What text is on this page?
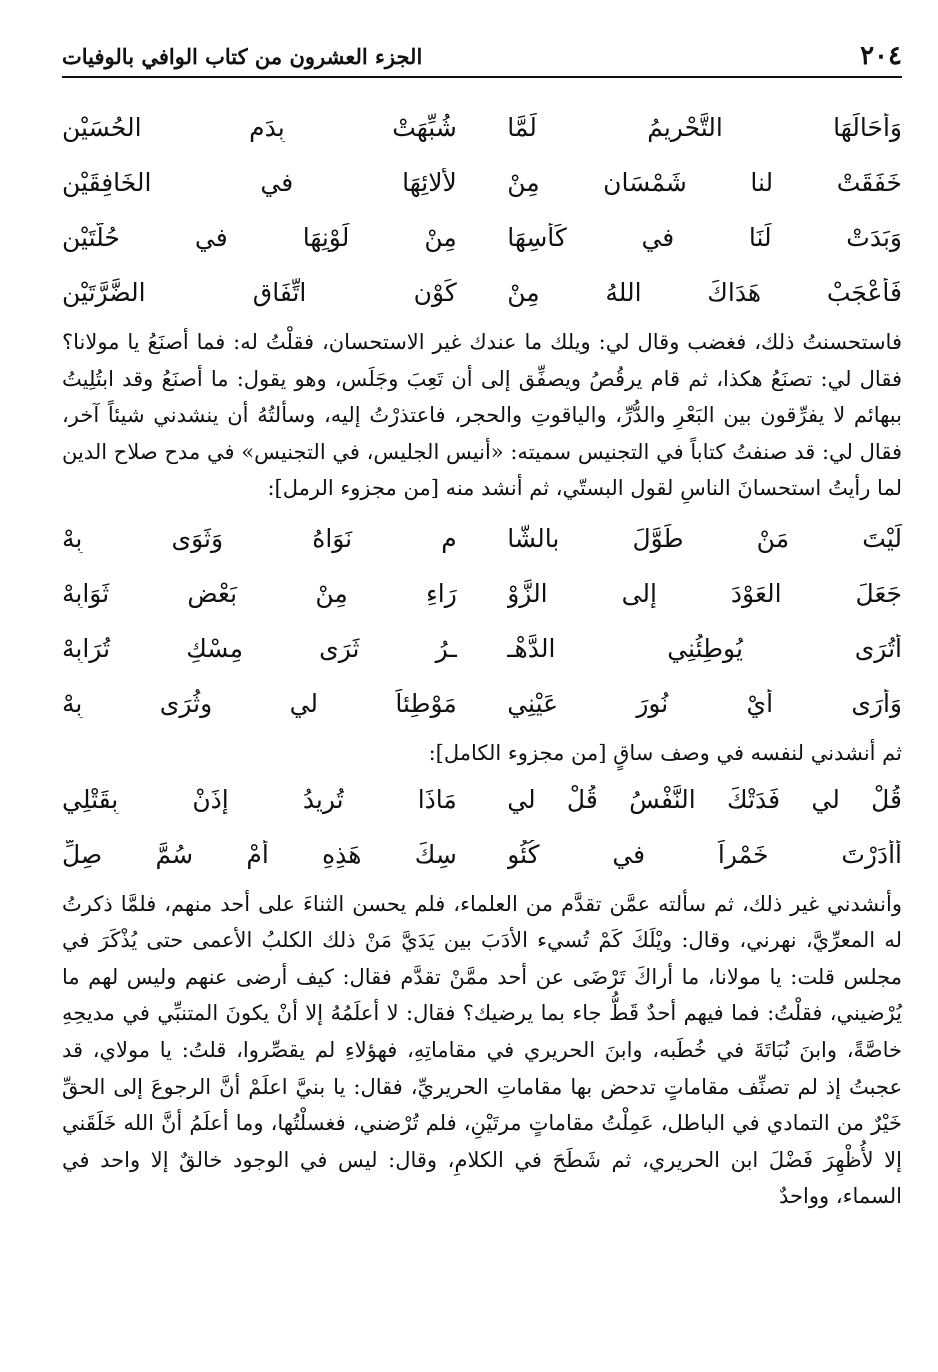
٢٠٤
الجزء العشرون من كتاب الوافي بالوفيات
وَأَحَالَهَا التَّحْرِيمُ لَمَّا
شُبِّهَتْ بِدَمِ الحُسَيْنِ
خَفَقَتْ لنا شَمْسَانِ مِنْ
لألائِهَا في الخَافِقَيْنِ
وَبَدَتْ لَنَا في كَأْسِهَا
مِنْ لَوْنِهَا في حُلَّتَيْنِ
فَأَعْجَبْ هَدَاكَ اللهُ مِنْ
كَوْنِ اتِّفَاقِ الضَّرَّتَيْنِ

فاستحسنتُ ذلك، فغضب وقال لي: ويلك ما عندك غير الاستحسان، فقلْتُ له: فما أصنَعُ يا مولانا؟ فقال لي: تصنَعُ هكذا، ثم قام يرقُصُ ويصفِّق إلى أن تَعِبَ وجَلَس، وهو يقول: ما أصنَعُ وقد ابتُلِيتُ ببهائم لا يفرِّقون بين البَعْرِ والدُّرِّ، والياقوتِ والحجر، فاعتذرْتُ إليه، وسألتُهُ أن ينشدني شيئاً آخر، فقال لي: قد صنفتُ كتاباً في التجنيس سميته: «أنيس الجليس، في التجنيس» في مدح صلاح الدين لما رأيتُ استحسانَ الناسِ لقول البستّي، ثم أنشد منه [من مجزوء الرمل]:

لَيْتَ مَنْ طَوَّلَ بالشَّا
مِ نَوَاهُ وَثَوَى بِهْ
جَعَلَ العَوْدَ إلى الزَّوْ
رَاءِ مِنْ بَعْضِ ثَوَابِهْ
أَتُرَى يُوطِئُنِي الدَّهْـ
ـرُ ثَرَى مِسْكِ تُرَابِهْ
وَأَرَى أَيْ نُورَ عَيْنِي
مَوْطِئاً لي وثُرَى بِهْ

ثم أنشدني لنفسه في وصف ساقٍ [من مجزوء الكامل]:

قُلْ لي فَدَتْكَ النَّفْسُ قُلْ لي
مَاذَا تُرِيدُ إذَنْ بِقَتْلِي
أأَدَرْتَ خَمْراً في كُئُو
سِكَ هَذِهِ أَمْ سُمَّ صِلِّ

وأنشدني غير ذلك، ثم سألته عمَّن تقدَّم من العلماء، فلم يحسن الثناءَ على أحد منهم، فلمَّا ذكرتُ له المعرِّيَّ، نهرني، وقال: ويْلَكَ كَمْ تُسيء الأدَبَ بين يَدَيَّ مَنْ ذلك الكلبُ الأعمى حتى يُذْكَرَ في مجلس قلت: يا مولانا، ما أراكَ تَرْضَى عن أحد ممَّنْ تقدَّم فقال: كيف أرضى عنهم وليس لهم ما يُرْضيني، فقلْتُ: فما فيهم أحدٌ قَطُّ جاء بما يرضيك؟ فقال: لا أعلَمُهُ إلا أنْ يكونَ المتنبِّي في مديحِهِ خاصَّةً، وابنَ نُبَاتَةَ في خُطَبه، وابنَ الحريري في مقاماتِهِ، فهؤلاءِ لم يقصِّروا، قلتُ: يا مولاي، قد عجبتُ إذ لم تصنِّف مقاماتٍ تدحض بها مقاماتِ الحريريِّ، فقال: يا بنيَّ اعلَمْ أنَّ الرجوعَ إلى الحقِّ خَيْرٌ من التمادي في الباطل، عَمِلْتُ مقاماتٍ مرتَيْنِ، فلم تُرْضني، فغسلْتُها، وما أعلَمُ أنَّ الله خَلَقَني إلا لأُظْهِرَ فَضْلَ ابن الحريري، ثم شَطَحَ في الكلامِ، وقال: ليس في الوجود خالقٌ إلا واحد في السماء، وواحدٌ
